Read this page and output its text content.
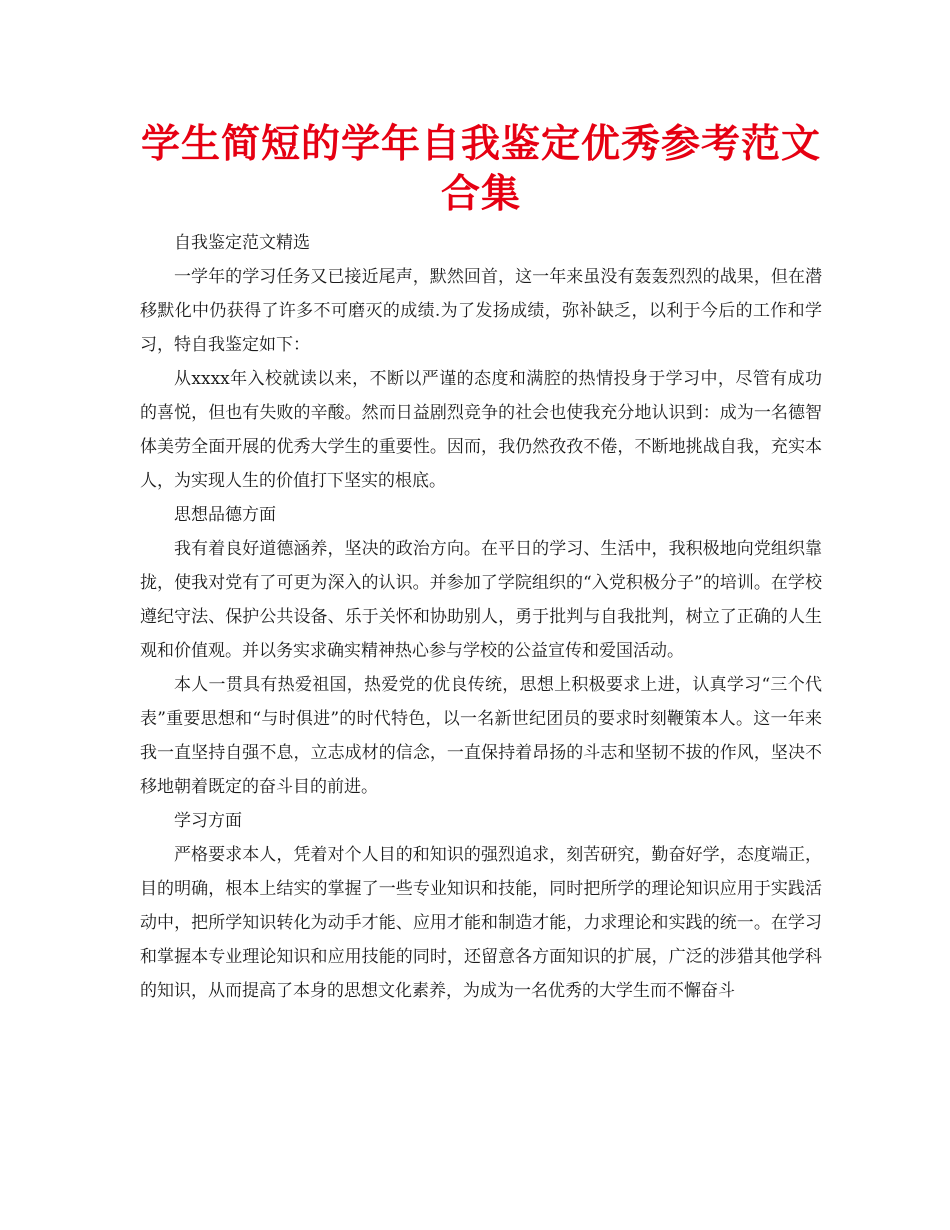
学生简短的学年自我鉴定优秀参考范文合集

自我鉴定范文精选

一学年的学习任务又已接近尾声，默然回首，这一年来虽没有轰轰烈烈的战果，但在潜移默化中仍获得了许多不可磨灭的成绩.为了发扬成绩，弥补缺乏，以利于今后的工作和学习，特自我鉴定如下：

从xxxx年入校就读以来，不断以严谨的态度和满腔的热情投身于学习中，尽管有成功的喜悦，但也有失败的辛酸。然而日益剧烈竞争的社会也使我充分地认识到：成为一名德智体美劳全面开展的优秀大学生的重要性。因而，我仍然孜孜不倦，不断地挑战自我，充实本人，为实现人生的价值打下坚实的根底。

思想品德方面

我有着良好道德涵养，坚决的政治方向。在平日的学习、生活中，我积极地向党组织靠拢，使我对党有了可更为深入的认识。并参加了学院组织的“入党积极分子”的培训。在学校遵纪守法、保护公共设备、乐于关怀和协助别人，勇于批判与自我批判，树立了正确的人生观和价值观。并以务实求确实精神热心参与学校的公益宣传和爱国活动。

本人一贯具有热爱祖国，热爱党的优良传统，思想上积极要求上进，认真学习“三个代表”重要思想和“与时俱进”的时代特色，以一名新世纪团员的要求时刻鞭策本人。这一年来我一直坚持自强不息，立志成材的信念，一直保持着昂扬的斗志和坚韧不拔的作风，坚决不移地朝着既定的奋斗目的前进。

学习方面

严格要求本人，凭着对个人目的和知识的强烈追求，刻苦研究，勤奋好学，态度端正，目的明确，根本上结实的掌握了一些专业知识和技能，同时把所学的理论知识应用于实践活动中，把所学知识转化为动手才能、应用才能和制造才能，力求理论和实践的统一。在学习和掌握本专业理论知识和应用技能的同时，还留意各方面知识的扩展，广泛的涉猎其他学科的知识，从而提高了本身的思想文化素养，为成为一名优秀的大学生而不懈奋斗
